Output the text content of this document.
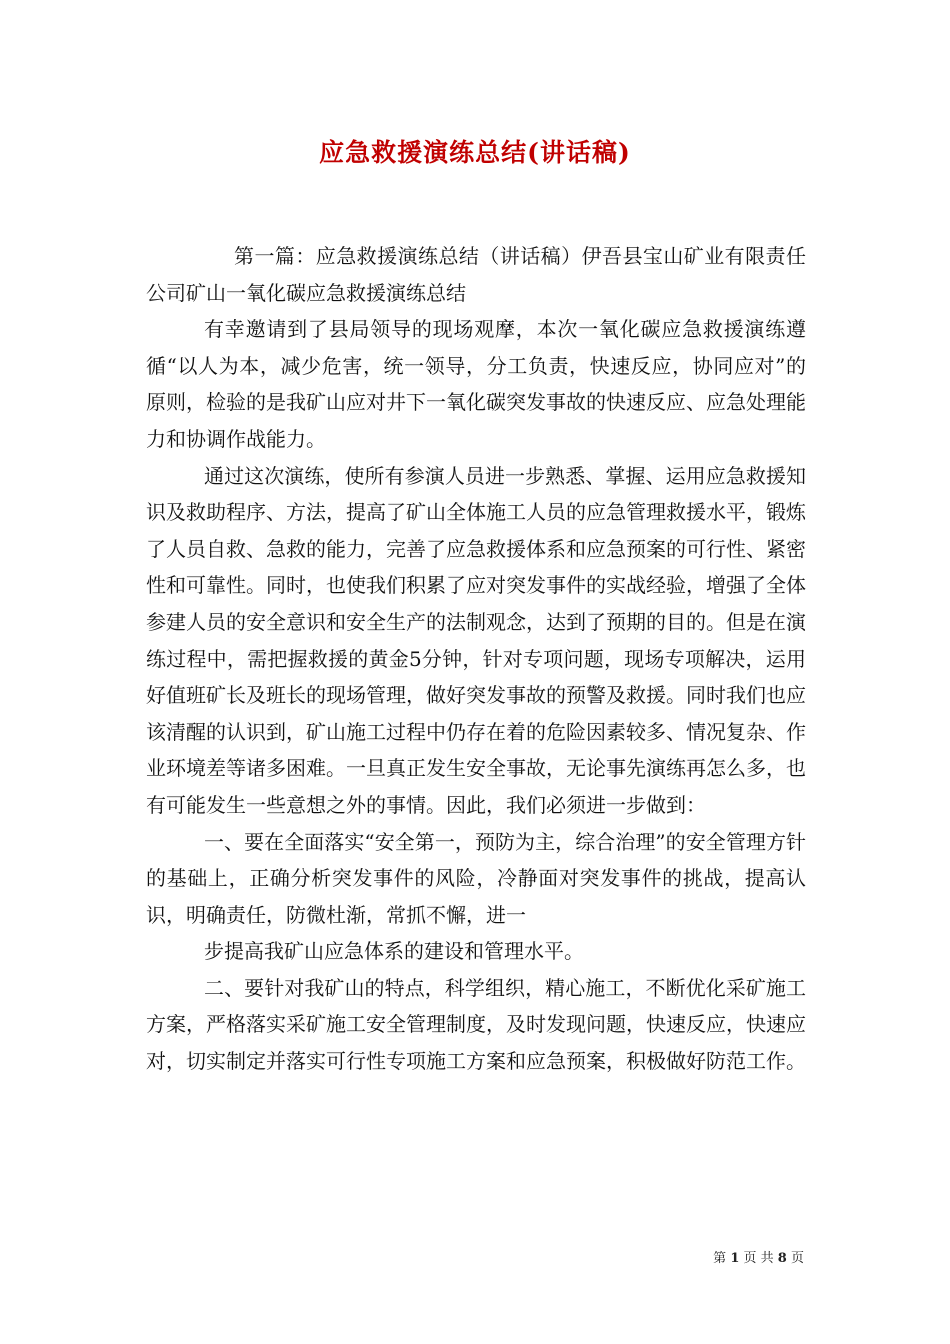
应急救援演练总结(讲话稿)

第一篇：应急救援演练总结（讲话稿）伊吾县宝山矿业有限责任公司矿山一氧化碳应急救援演练总结

有幸邀请到了县局领导的现场观摩，本次一氧化碳应急救援演练遵循“以人为本，减少危害，统一领导，分工负责，快速反应，协同应对”的原则，检验的是我矿山应对井下一氧化碳突发事故的快速反应、应急处理能力和协调作战能力。

通过这次演练，使所有参演人员进一步熟悉、掌握、运用应急救援知识及救助程序、方法，提高了矿山全体施工人员的应急管理救援水平，锻炼了人员自救、急救的能力，完善了应急救援体系和应急预案的可行性、紧密性和可靠性。同时，也使我们积累了应对突发事件的实战经验，增强了全体参建人员的安全意识和安全生产的法制观念，达到了预期的目的。但是在演练过程中，需把握救援的黄金5分钟，针对专项问题，现场专项解决，运用好值班矿长及班长的现场管理，做好突发事故的预警及救援。同时我们也应该清醒的认识到，矿山施工过程中仍存在着的危险因素较多、情况复杂、作业环境差等诸多困难。一旦真正发生安全事故，无论事先演练再怎么多，也有可能发生一些意想之外的事情。因此，我们必须进一步做到：

一、要在全面落实“安全第一，预防为主，综合治理”的安全管理方针的基础上，正确分析突发事件的风险，冷静面对突发事件的挑战，提高认识，明确责任，防微杜渐，常抓不懈，进一

步提高我矿山应急体系的建设和管理水平。

二、要针对我矿山的特点，科学组织，精心施工，不断优化采矿施工方案，严格落实采矿施工安全管理制度，及时发现问题，快速反应，快速应对，切实制定并落实可行性专项施工方案和应急预案，积极做好防范工作。

第 1 页 共 8 页
